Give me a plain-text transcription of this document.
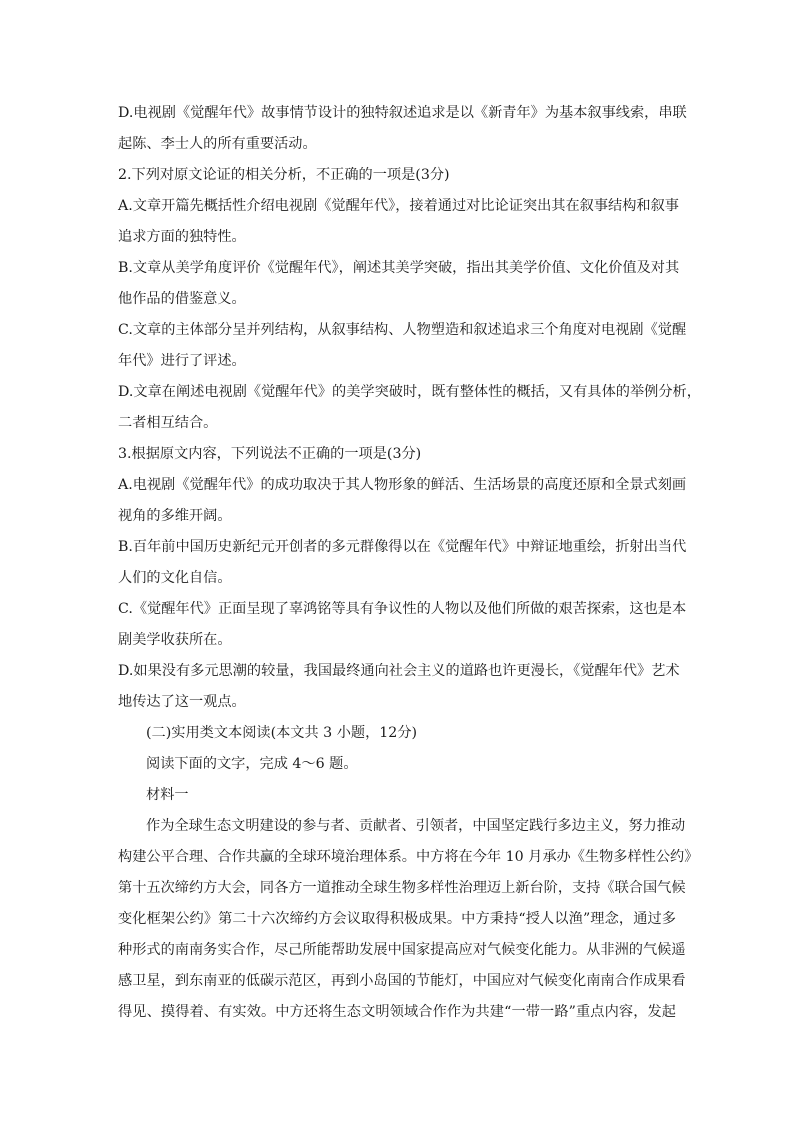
D.电视剧《觉醒年代》故事情节设计的独特叙述追求是以《新青年》为基本叙事线索，串联
起陈、李士人的所有重要活动。
2.下列对原文论证的相关分析，不正确的一项是(3分)
A.文章开篇先概括性介绍电视剧《觉醒年代》，接着通过对比论证突出其在叙事结构和叙事
追求方面的独特性。
B.文章从美学角度评价《觉醒年代》，阐述其美学突破，指出其美学价值、文化价值及对其
他作品的借鉴意义。
C.文章的主体部分呈并列结构，从叙事结构、人物塑造和叙述追求三个角度对电视剧《觉醒
年代》进行了评述。
D.文章在阐述电视剧《觉醒年代》的美学突破时，既有整体性的概括，又有具体的举例分析，
二者相互结合。
3.根据原文内容，下列说法不正确的一项是(3分)
A.电视剧《觉醒年代》的成功取决于其人物形象的鲜活、生活场景的高度还原和全景式刻画
视角的多维开阔。
B.百年前中国历史新纪元开创者的多元群像得以在《觉醒年代》中辩证地重绘，折射出当代
人们的文化自信。
C.《觉醒年代》正面呈现了辜鸿铭等具有争议性的人物以及他们所做的艰苦探索，这也是本
剧美学收获所在。
D.如果没有多元思潮的较量，我国最终通向社会主义的道路也许更漫长，《觉醒年代》艺术
地传达了这一观点。
(二)实用类文本阅读(本文共 3 小题，12分)
阅读下面的文字，完成 4～6 题。
材料一
作为全球生态文明建设的参与者、贡献者、引领者，中国坚定践行多边主义，努力推动
构建公平合理、合作共赢的全球环境治理体系。中方将在今年 10 月承办《生物多样性公约》
第十五次缔约方大会，同各方一道推动全球生物多样性治理迈上新台阶，支持《联合国气候
变化框架公约》第二十六次缔约方会议取得积极成果。中方秉持“授人以渔”理念，通过多
种形式的南南务实合作，尽己所能帮助发展中国家提高应对气候变化能力。从非洲的气候遥
感卫星，到东南亚的低碳示范区，再到小岛国的节能灯，中国应对气候变化南南合作成果看
得见、摸得着、有实效。中方还将生态文明领域合作作为共建“一带一路”重点内容，发起
